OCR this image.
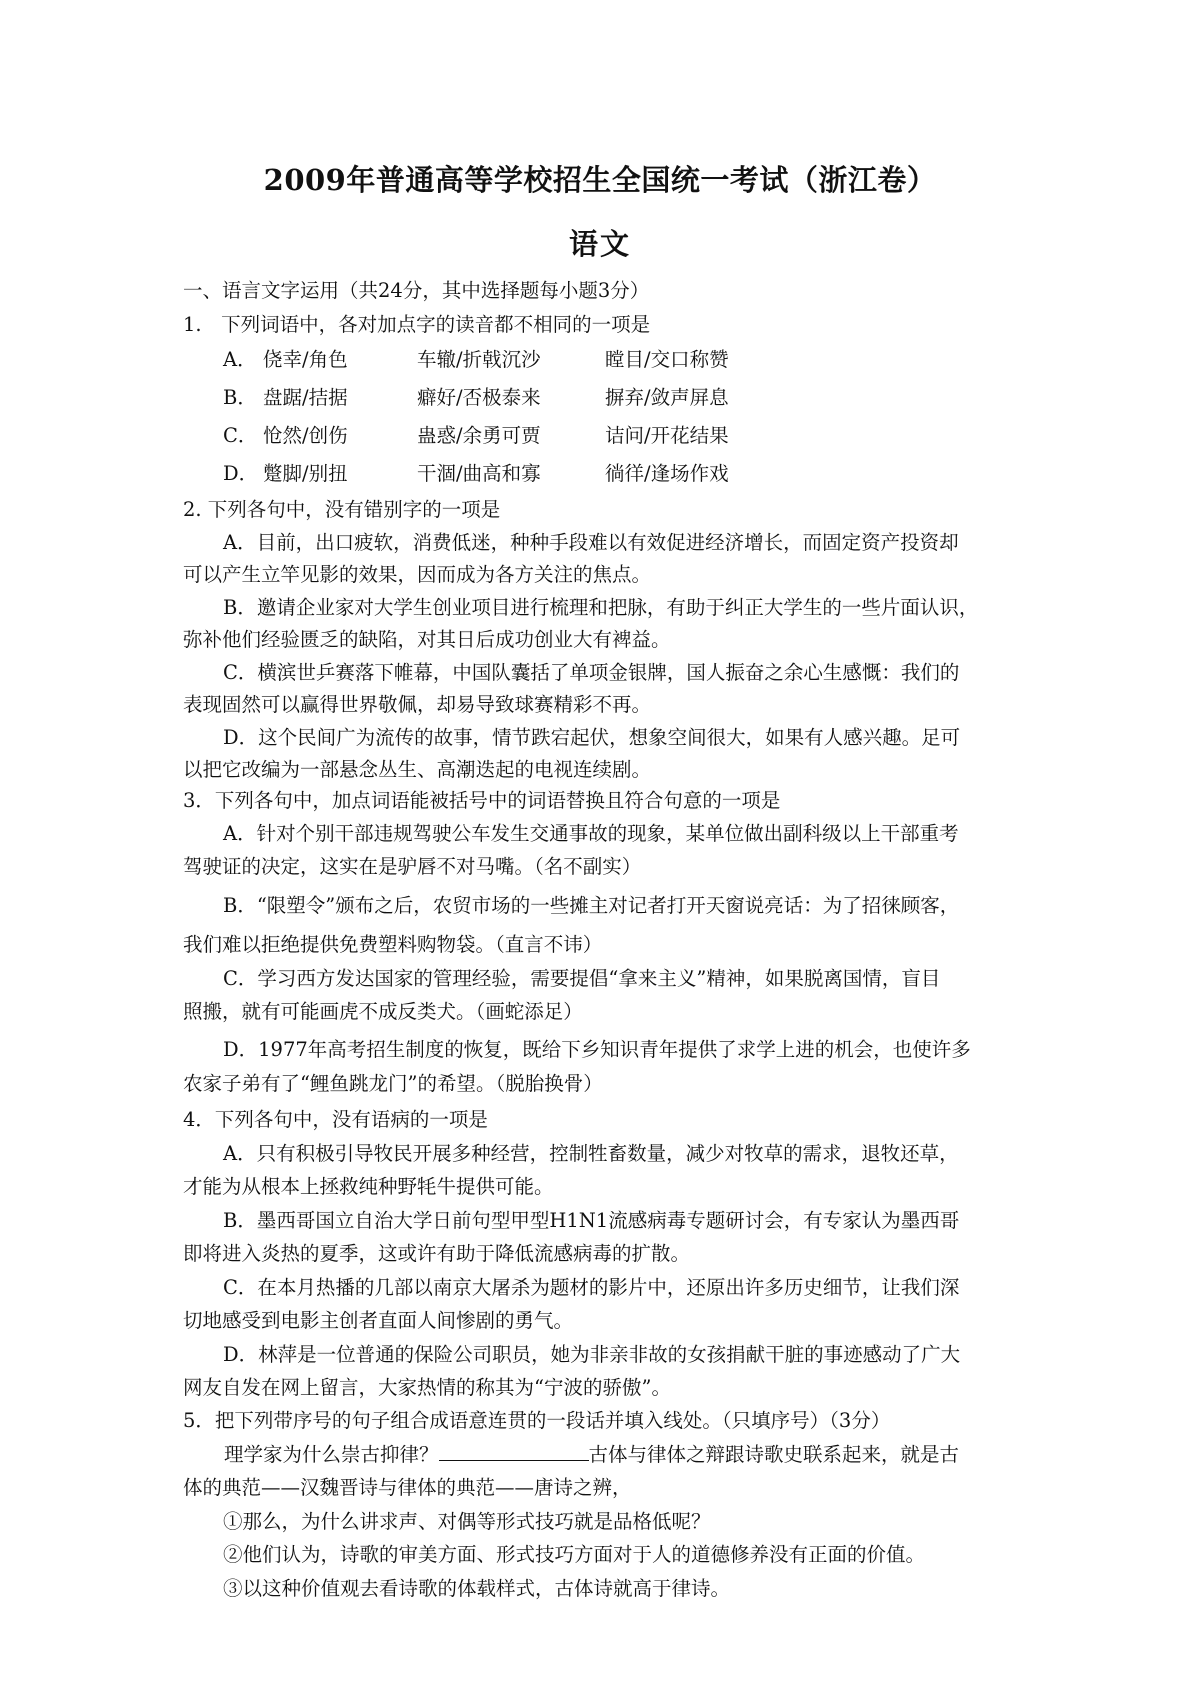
2009年普通高等学校招生全国统一考试（浙江卷）
语文
一、语言文字运用（共24分，其中选择题每小题3分）
1.　下列词语中，各对加点字的读音都不相同的一项是
A． 侥幸/角色	车辙/折戟沉沙	瞠目/交口称赞
B． 盘踞/拮据	癖好/否极泰来	摒弃/敛声屏息
C． 怆然/创伤	蛊惑/余勇可贾	诘问/开花结果
D． 蹩脚/别扭	干涸/曲高和寡	徜徉/逢场作戏
2. 下列各句中，没有错别字的一项是
A．目前，出口疲软，消费低迷，种种手段难以有效促进经济增长，而固定资产投资却
可以产生立竿见影的效果，因而成为各方关注的焦点。
B．邀请企业家对大学生创业项目进行梳理和把脉，有助于纠正大学生的一些片面认识，
弥补他们经验匮乏的缺陷，对其日后成功创业大有裨益。
C．横滨世乒赛落下帷幕，中国队囊括了单项金银牌，国人振奋之余心生感慨：我们的
表现固然可以赢得世界敬佩，却易导致球赛精彩不再。
D．这个民间广为流传的故事，情节跌宕起伏，想象空间很大，如果有人感兴趣。足可
以把它改编为一部悬念丛生、高潮迭起的电视连续剧。
3．下列各句中，加点词语能被括号中的词语替换且符合句意的一项是
A．针对个别干部违规驾驶公车发生交通事故的现象，某单位做出副科级以上干部重考
驾驶证的决定，这实在是驴唇不对马嘴。（名不副实）
B．“限塑令”颁布之后，农贸市场的一些摊主对记者打开天窗说亮话：为了招徕顾客，
我们难以拒绝提供免费塑料购物袋。（直言不讳）
C．学习西方发达国家的管理经验，需要提倡“拿来主义”精神，如果脱离国情，盲目
照搬，就有可能画虎不成反类犬。（画蛇添足）
D．1977年高考招生制度的恢复，既给下乡知识青年提供了求学上进的机会，也使许多
农家子弟有了“鲤鱼跳龙门”的希望。（脱胎换骨）
4．下列各句中，没有语病的一项是
A．只有积极引导牧民开展多种经营，控制牲畜数量，减少对牧草的需求，退牧还草，
才能为从根本上拯救纯种野牦牛提供可能。
B．墨西哥国立自治大学日前句型甲型H1N1流感病毒专题研讨会，有专家认为墨西哥
即将进入炎热的夏季，这或许有助于降低流感病毒的扩散。
C．在本月热播的几部以南京大屠杀为题材的影片中，还原出许多历史细节，让我们深
切地感受到电影主创者直面人间惨剧的勇气。
D．林萍是一位普通的保险公司职员，她为非亲非故的女孩捐献干脏的事迹感动了广大
网友自发在网上留言，大家热情的称其为“宁波的骄傲”。
5．把下列带序号的句子组合成语意连贯的一段话并填入线处。（只填序号）（3分）
理学家为什么崇古抑律？	古体与律体之辩跟诗歌史联系起来，就是古
体的典范——汉魏晋诗与律体的典范——唐诗之辨，
①那么，为什么讲求声、对偶等形式技巧就是品格低呢？
②他们认为，诗歌的审美方面、形式技巧方面对于人的道德修养没有正面的价值。
③以这种价值观去看诗歌的体载样式，古体诗就高于律诗。
